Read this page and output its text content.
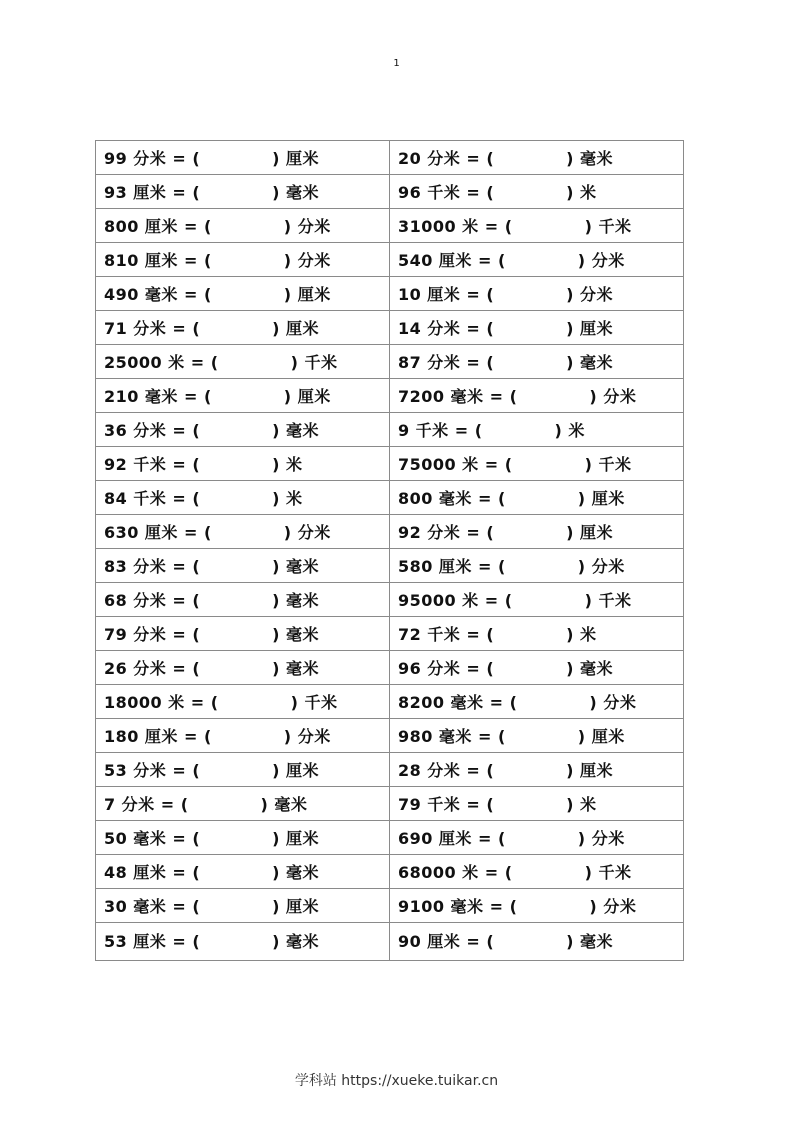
1
99 分米 = ( ) 厘米	20 分米 = ( ) 毫米
93 厘米 = ( ) 毫米	96 千米 = ( ) 米
800 厘米 = ( ) 分米	31000 米 = ( ) 千米
810 厘米 = ( ) 分米	540 厘米 = ( ) 分米
490 毫米 = ( ) 厘米	10 厘米 = ( ) 分米
71 分米 = ( ) 厘米	14 分米 = ( ) 厘米
25000 米 = ( ) 千米	87 分米 = ( ) 毫米
210 毫米 = ( ) 厘米	7200 毫米 = ( ) 分米
36 分米 = ( ) 毫米	9 千米 = ( ) 米
92 千米 = ( ) 米	75000 米 = ( ) 千米
84 千米 = ( ) 米	800 毫米 = ( ) 厘米
630 厘米 = ( ) 分米	92 分米 = ( ) 厘米
83 分米 = ( ) 毫米	580 厘米 = ( ) 分米
68 分米 = ( ) 毫米	95000 米 = ( ) 千米
79 分米 = ( ) 毫米	72 千米 = ( ) 米
26 分米 = ( ) 毫米	96 分米 = ( ) 毫米
18000 米 = ( ) 千米	8200 毫米 = ( ) 分米
180 厘米 = ( ) 分米	980 毫米 = ( ) 厘米
53 分米 = ( ) 厘米	28 分米 = ( ) 厘米
7 分米 = ( ) 毫米	79 千米 = ( ) 米
50 毫米 = ( ) 厘米	690 厘米 = ( ) 分米
48 厘米 = ( ) 毫米	68000 米 = ( ) 千米
30 毫米 = ( ) 厘米	9100 毫米 = ( ) 分米
53 厘米 = ( ) 毫米	90 厘米 = ( ) 毫米
学科站 https://xueke.tuikar.cn
